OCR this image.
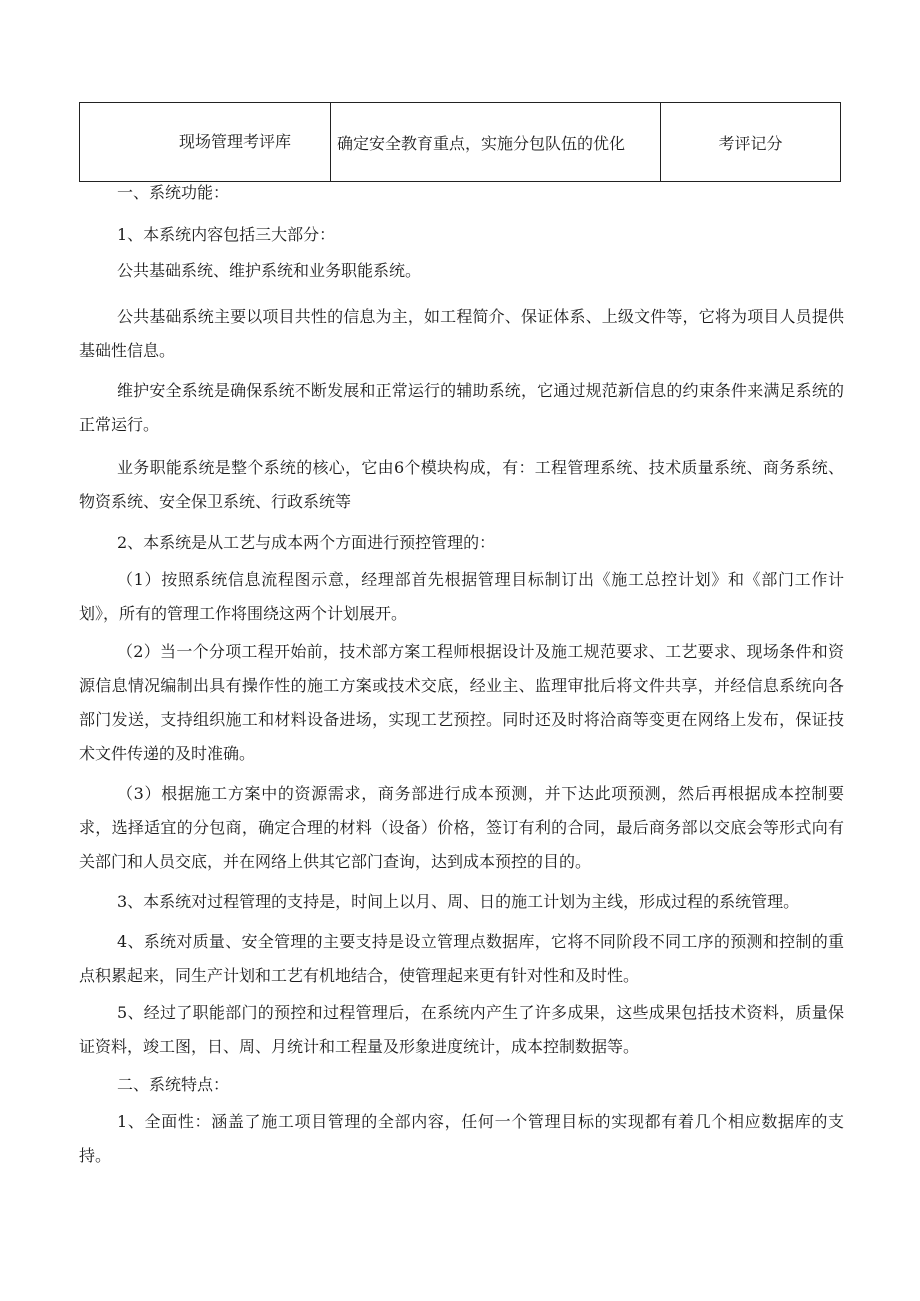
现场管理考评库	确定安全教育重点，实施分包队伍的优化	考评记分

一、系统功能：

1、本系统内容包括三大部分：

公共基础系统、维护系统和业务职能系统。

公共基础系统主要以项目共性的信息为主，如工程简介、保证体系、上级文件等，它将为项目人员提供基础性信息。

维护安全系统是确保系统不断发展和正常运行的辅助系统，它通过规范新信息的约束条件来满足系统的正常运行。

业务职能系统是整个系统的核心，它由6个模块构成，有：工程管理系统、技术质量系统、商务系统、物资系统、安全保卫系统、行政系统等

2、本系统是从工艺与成本两个方面进行预控管理的：

（1）按照系统信息流程图示意，经理部首先根据管理目标制订出《施工总控计划》和《部门工作计划》，所有的管理工作将围绕这两个计划展开。

（2）当一个分项工程开始前，技术部方案工程师根据设计及施工规范要求、工艺要求、现场条件和资源信息情况编制出具有操作性的施工方案或技术交底，经业主、监理审批后将文件共享，并经信息系统向各部门发送，支持组织施工和材料设备进场，实现工艺预控。同时还及时将洽商等变更在网络上发布，保证技术文件传递的及时准确。

（3）根据施工方案中的资源需求，商务部进行成本预测，并下达此项预测，然后再根据成本控制要求，选择适宜的分包商，确定合理的材料（设备）价格，签订有利的合同，最后商务部以交底会等形式向有关部门和人员交底，并在网络上供其它部门查询，达到成本预控的目的。

3、本系统对过程管理的支持是，时间上以月、周、日的施工计划为主线，形成过程的系统管理。

4、系统对质量、安全管理的主要支持是设立管理点数据库，它将不同阶段不同工序的预测和控制的重点积累起来，同生产计划和工艺有机地结合，使管理起来更有针对性和及时性。

5、经过了职能部门的预控和过程管理后，在系统内产生了许多成果，这些成果包括技术资料，质量保证资料，竣工图，日、周、月统计和工程量及形象进度统计，成本控制数据等。

二、系统特点：

1、全面性：涵盖了施工项目管理的全部内容，任何一个管理目标的实现都有着几个相应数据库的支持。
